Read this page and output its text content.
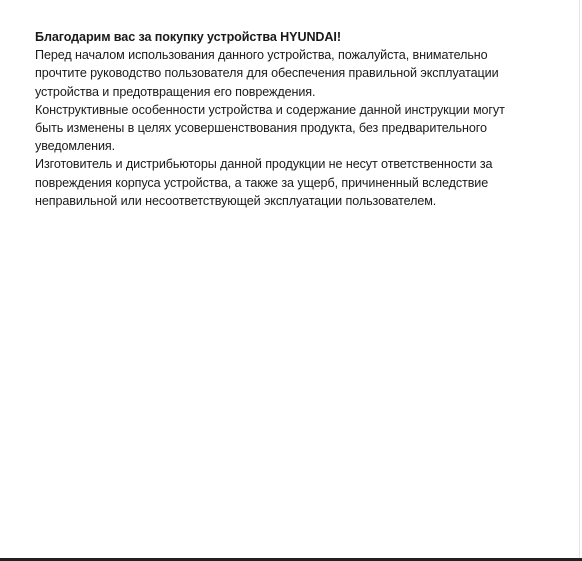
Благодарим вас за покупку устройства HYUNDAI!
Перед началом использования данного устройства, пожалуйста, внимательно
прочтите руководство пользователя для обеспечения правильной эксплуатации
устройства и предотвращения его повреждения.
Конструктивные особенности устройства и содержание данной инструкции могут
быть изменены в целях усовершенствования продукта, без предварительного
уведомления.
Изготовитель и дистрибьюторы данной продукции не несут ответственности за
повреждения корпуса устройства, а также за ущерб, причиненный вследствие
неправильной или несоответствующей эксплуатации пользователем.
